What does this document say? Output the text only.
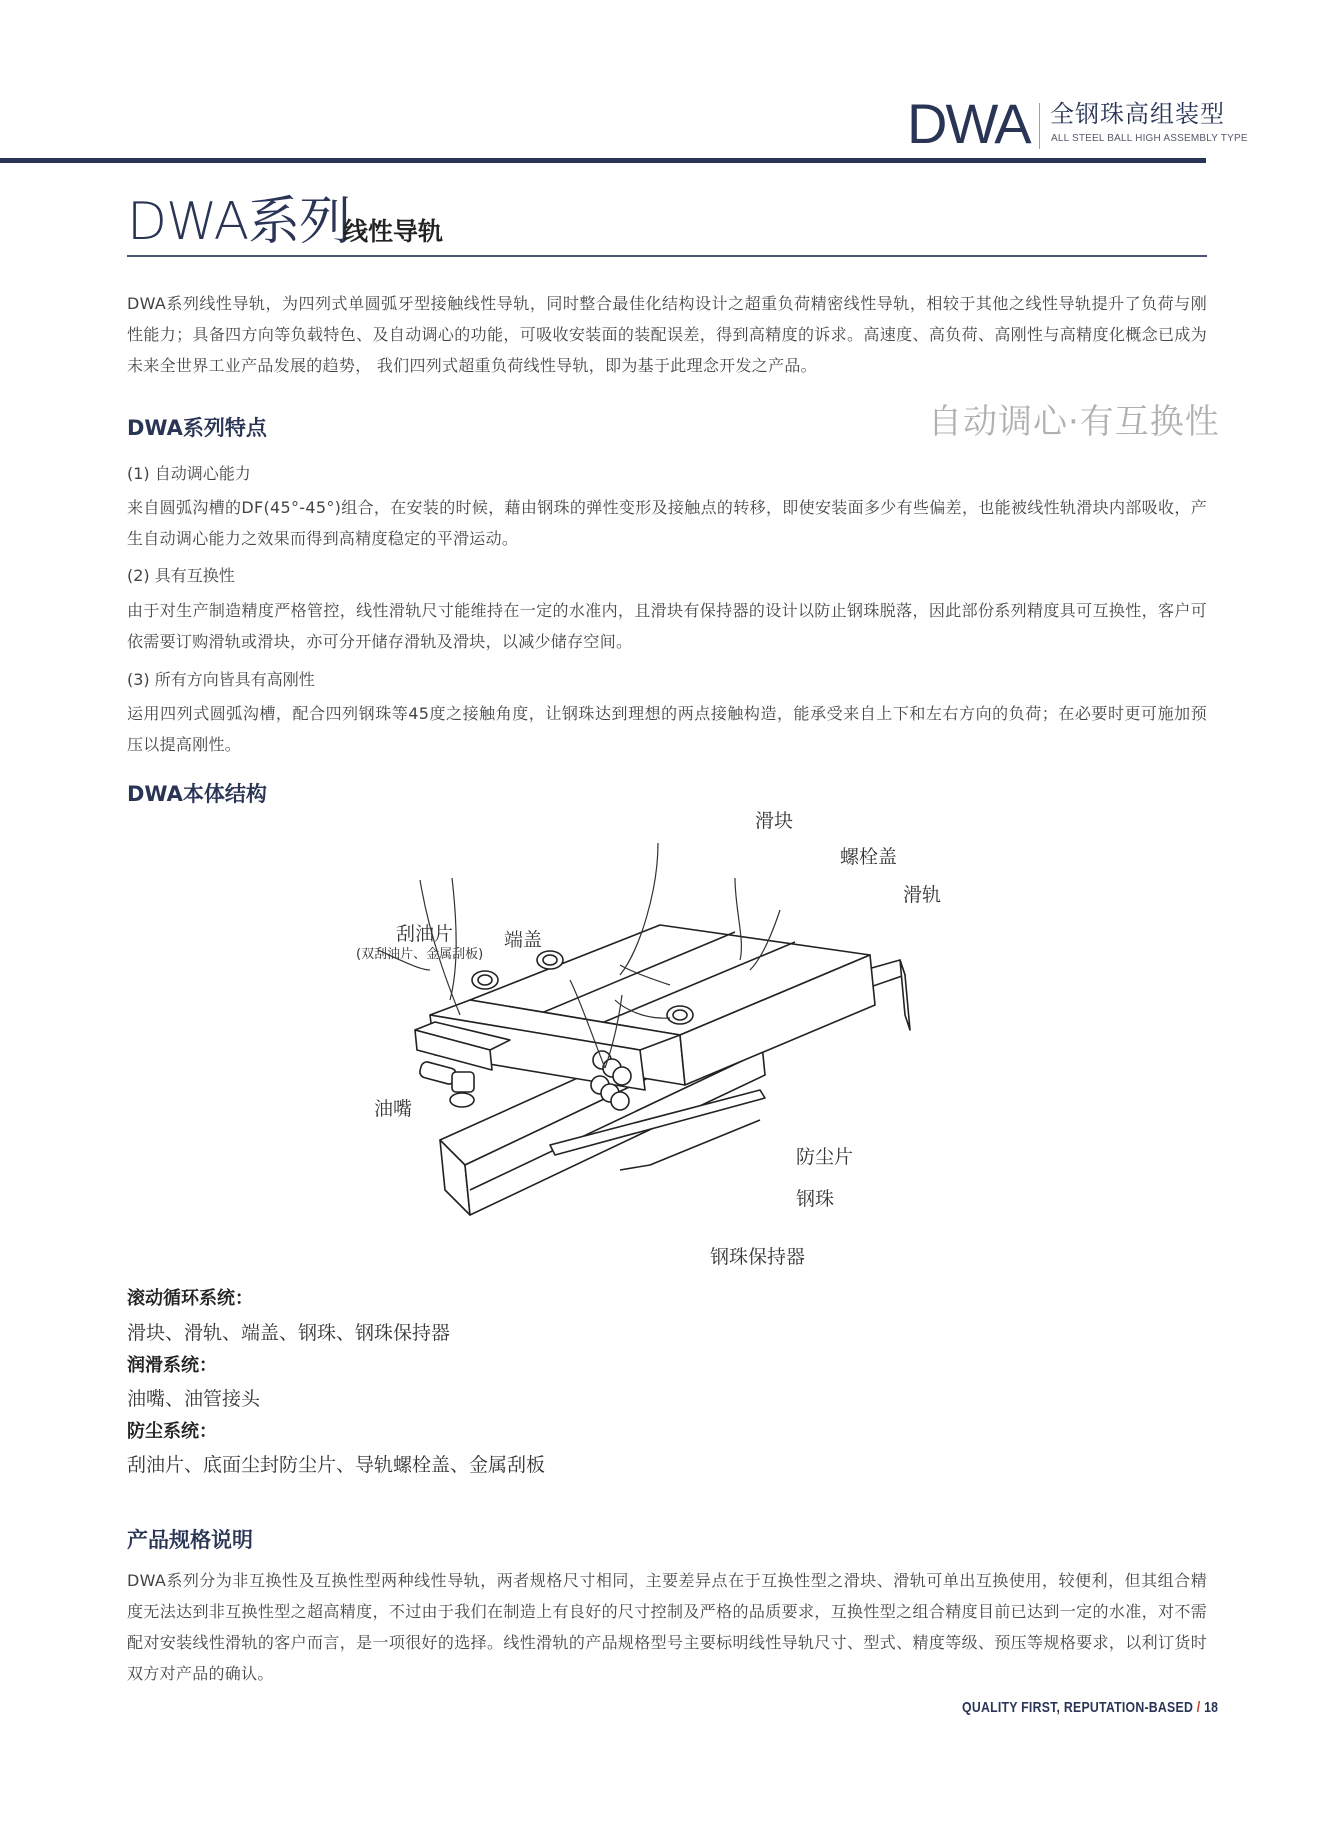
DWA 全钢珠高组装型
ALL STEEL BALL HIGH ASSEMBLY TYPE
DWA系列
线性导轨
DWA系列线性导轨，为四列式单圆弧牙型接触线性导轨，同时整合最佳化结构设计之超重负荷精密线性导轨，相较于其他之线性导轨提升了负荷与刚性能力；具备四方向等负载特色、及自动调心的功能，可吸收安装面的装配误差，得到高精度的诉求。高速度、高负荷、高刚性与高精度化概念已成为未来全世界工业产品发展的趋势， 我们四列式超重负荷线性导轨，即为基于此理念开发之产品。
DWA系列特点	自动调心·有互换性
(1) 自动调心能力
来自圆弧沟槽的DF(45°-45°)组合，在安装的时候，藉由钢珠的弹性变形及接触点的转移，即使安装面多少有些偏差，也能被线性轨滑块内部吸收，产生自动调心能力之效果而得到高精度稳定的平滑运动。
(2) 具有互换性
由于对生产制造精度严格管控，线性滑轨尺寸能维持在一定的水准内，且滑块有保持器的设计以防止钢珠脱落，因此部份系列精度具可互换性，客户可依需要订购滑轨或滑块，亦可分开储存滑轨及滑块，以减少储存空间。
(3) 所有方向皆具有高刚性
运用四列式圆弧沟槽，配合四列钢珠等45度之接触角度，让钢珠达到理想的两点接触构造，能承受来自上下和左右方向的负荷；在必要时更可施加预压以提高刚性。
DWA本体结构
滑块
螺栓盖
滑轨
刮油片
(双刮油片、金属刮板)
端盖
油嘴
防尘片
钢珠
钢珠保持器
滚动循环系统：
滑块、滑轨、端盖、钢珠、钢珠保持器
润滑系统：
油嘴、油管接头
防尘系统：
刮油片、底面尘封防尘片、导轨螺栓盖、金属刮板
产品规格说明
DWA系列分为非互换性及互换性型两种线性导轨，两者规格尺寸相同，主要差异点在于互换性型之滑块、滑轨可单出互换使用，较便利，但其组合精度无法达到非互换性型之超高精度，不过由于我们在制造上有良好的尺寸控制及严格的品质要求，互换性型之组合精度目前已达到一定的水准，对不需配对安装线性滑轨的客户而言，是一项很好的选择。线性滑轨的产品规格型号主要标明线性导轨尺寸、型式、精度等级、预压等规格要求，以利订货时双方对产品的确认。
QUALITY FIRST, REPUTATION-BASED / 18
